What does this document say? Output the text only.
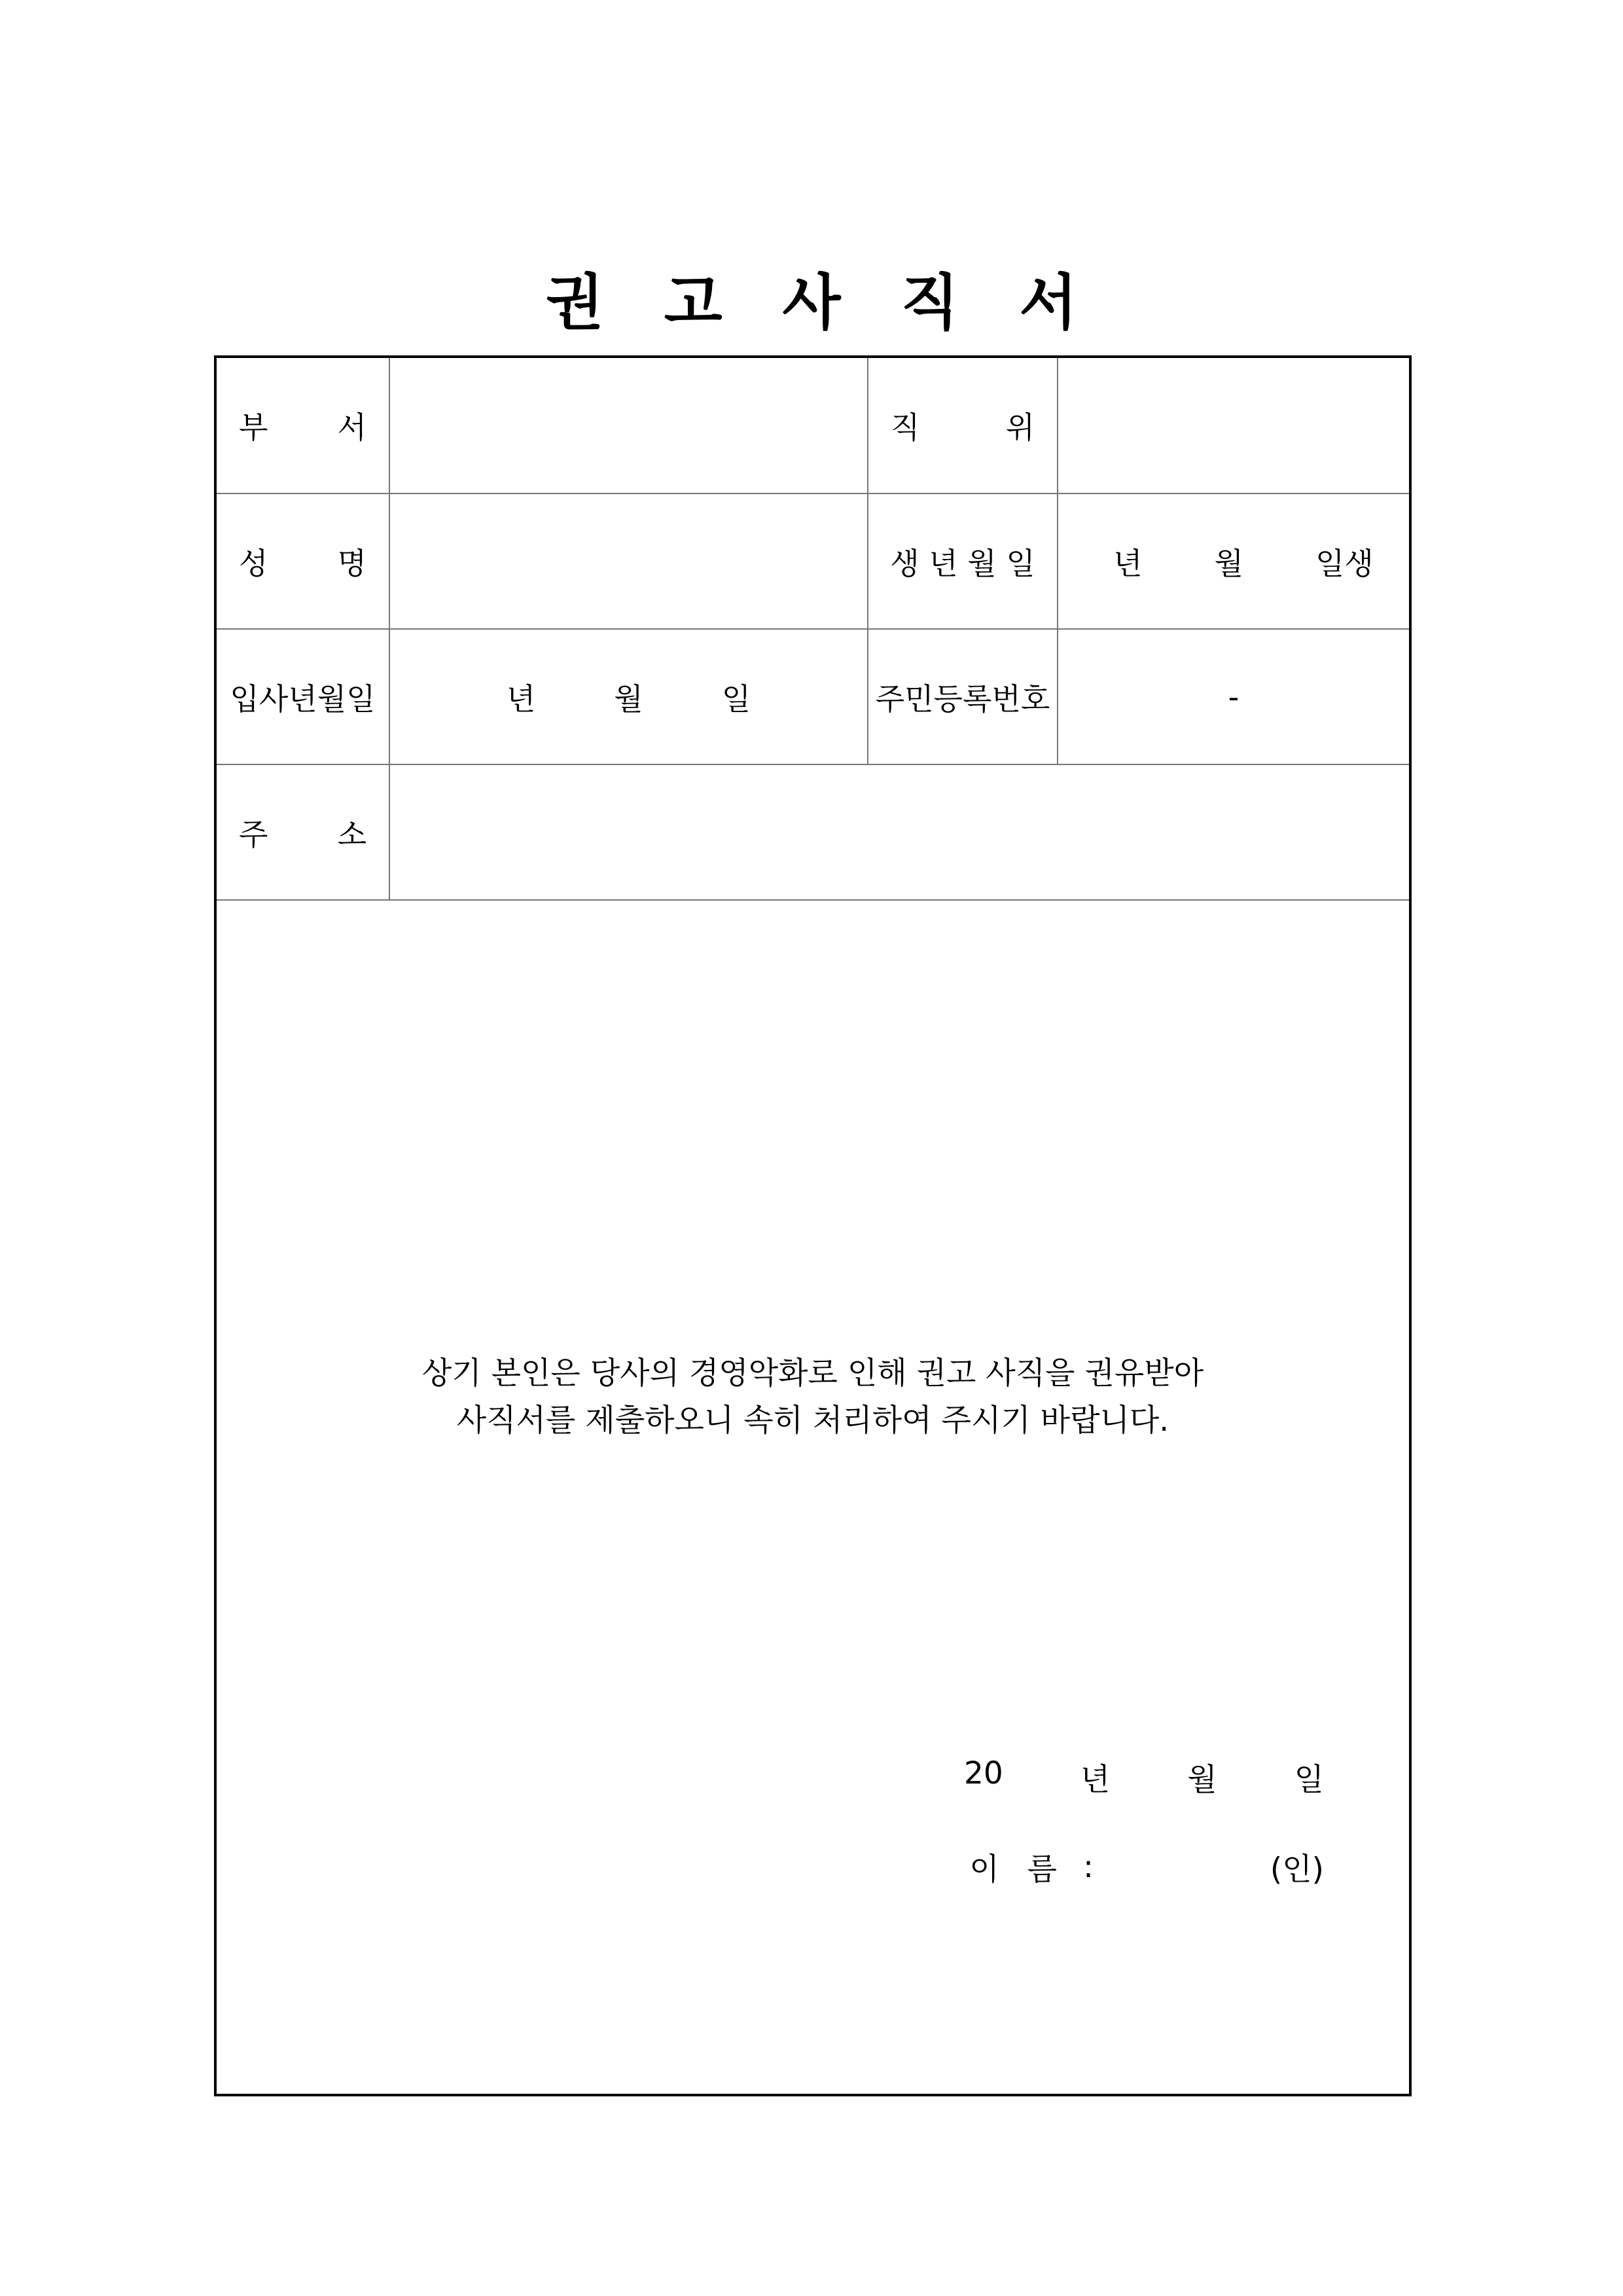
권 고 사 직 서
부 서		직 위	

성 명		생 년 월 일	년 월 일생

입사년월일	년 월 일	주민등록번호	-

주 소			

상기 본인은 당사의 경영악화로 인해 권고 사직을 권유받아
사직서를 제출하오니 속히 처리하여 주시기 바랍니다.
20	년	월	일
이 름 :	(인)
